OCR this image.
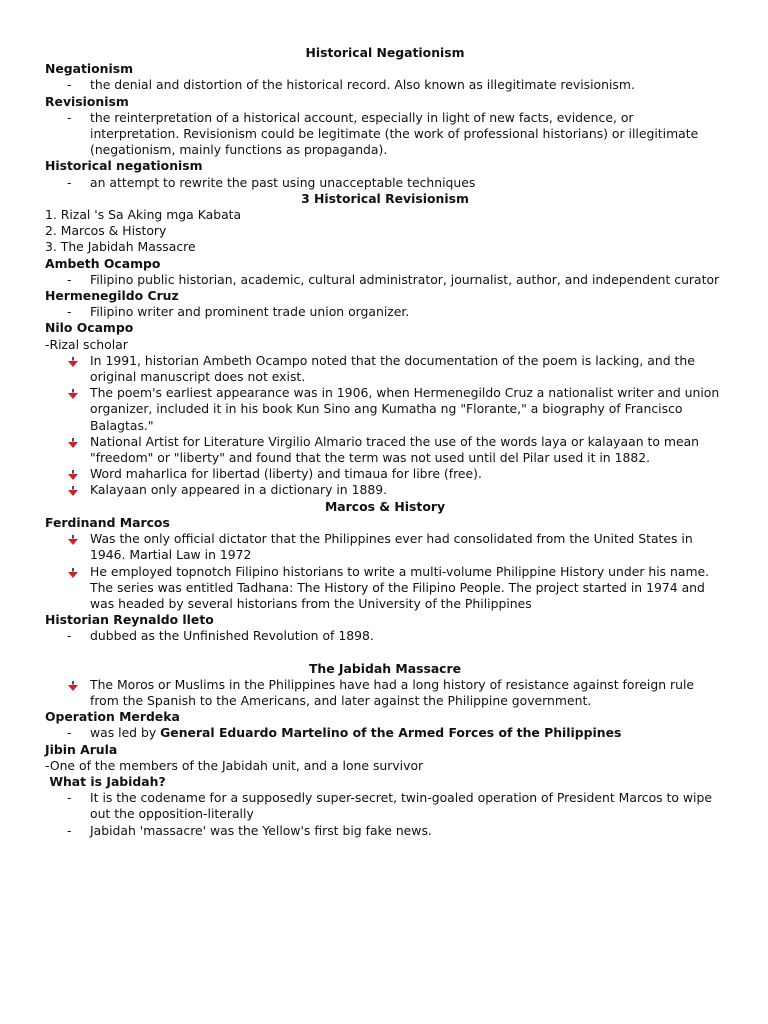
Historical Negationism
Negationism
-	the denial and distortion of the historical record. Also known as illegitimate revisionism.
Revisionism
-	the reinterpretation of a historical account, especially in light of new facts, evidence, or interpretation. Revisionism could be legitimate (the work of professional historians) or illegitimate (negationism, mainly functions as propaganda).
Historical negationism
-	an attempt to rewrite the past using unacceptable techniques
3 Historical Revisionism
1. Rizal 's Sa Aking mga Kabata
2. Marcos & History
3. The Jabidah Massacre
Ambeth Ocampo
-	Filipino public historian, academic, cultural administrator, journalist, author, and independent curator
Hermenegildo Cruz
-	Filipino writer and prominent trade union organizer.
Nilo Ocampo
-Rizal scholar
In 1991, historian Ambeth Ocampo noted that the documentation of the poem is lacking, and the original manuscript does not exist.
The poem's earliest appearance was in 1906, when Hermenegildo Cruz a nationalist writer and union organizer, included it in his book Kun Sino ang Kumatha ng "Florante," a biography of Francisco Balagtas."
National Artist for Literature Virgilio Almario traced the use of the words laya or kalayaan to mean "freedom" or "liberty" and found that the term was not used until del Pilar used it in 1882.
Word maharlica for libertad (liberty) and timaua for libre (free).
Kalayaan only appeared in a dictionary in 1889.
Marcos & History
Ferdinand Marcos
Was the only official dictator that the Philippines ever had consolidated from the United States in 1946. Martial Law in 1972
He employed topnotch Filipino historians to write a multi-volume Philippine History under his name. The series was entitled Tadhana: The History of the Filipino People. The project started in 1974 and was headed by several historians from the University of the Philippines
Historian Reynaldo lleto
-	dubbed as the Unfinished Revolution of 1898.
The Jabidah Massacre
The Moros or Muslims in the Philippines have had a long history of resistance against foreign rule from the Spanish to the Americans, and later against the Philippine government.
Operation Merdeka
-	was led by General Eduardo Martelino of the Armed Forces of the Philippines
Jibin Arula
-One of the members of the Jabidah unit, and a lone survivor
What is Jabidah?
-	It is the codename for a supposedly super-secret, twin-goaled operation of President Marcos to wipe out the opposition-literally
-	Jabidah 'massacre' was the Yellow's first big fake news.
